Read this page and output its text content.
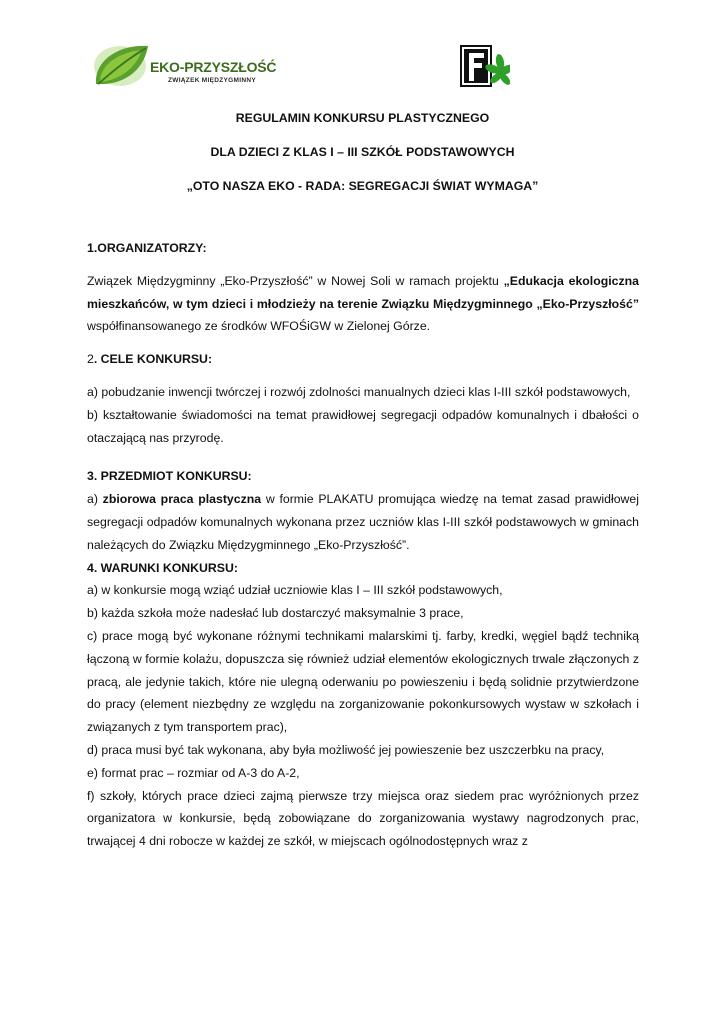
EKO-PRZYSZŁOŚĆ
ZWIĄZEK MIĘDZYGMINNY
REGULAMIN KONKURSU PLASTYCZNEGO
DLA DZIECI Z KLAS I – III SZKÓŁ PODSTAWOWYCH
„OTO NASZA EKO - RADA: SEGREGACJI ŚWIAT WYMAGA”

1.ORGANIZATORZY:

Związek Międzygminny „Eko-Przyszłość” w Nowej Soli w ramach projektu „Edukacja ekologiczna mieszkańców, w tym dzieci i młodzieży na terenie Związku Międzygminnego „Eko-Przyszłość” współfinansowanego ze środków WFOŚiGW w Zielonej Górze.

2. CELE KONKURSU:

a) pobudzanie inwencji twórczej i rozwój zdolności manualnych dzieci klas I-III szkół podstawowych,

b) kształtowanie świadomości na temat prawidłowej segregacji odpadów komunalnych i dbałości o otaczającą nas przyrodę.

3. PRZEDMIOT KONKURSU:

a) zbiorowa praca plastyczna w formie PLAKATU promująca wiedzę na temat zasad prawidłowej segregacji odpadów komunalnych wykonana przez uczniów klas I-III szkół podstawowych w gminach należących do Związku Międzygminnego „Eko-Przyszłość”.

4. WARUNKI KONKURSU:

a) w konkursie mogą wziąć udział uczniowie klas I – III szkół podstawowych,

b) każda szkoła może nadesłać lub dostarczyć maksymalnie 3 prace,

c) prace mogą być wykonane różnymi technikami malarskimi tj. farby, kredki, węgiel bądź techniką łączoną w formie kolażu, dopuszcza się również udział elementów ekologicznych trwale złączonych z pracą, ale jedynie takich, które nie ulegną oderwaniu po powieszeniu i będą solidnie przytwierdzone do pracy (element niezbędny ze względu na zorganizowanie pokonkursowych wystaw w szkołach i związanych z tym transportem prac),

d) praca musi być tak wykonana, aby była możliwość jej powieszenie bez uszczerbku na pracy,

e) format prac – rozmiar od A-3 do A-2,

f) szkoły, których prace dzieci zajmą pierwsze trzy miejsca oraz siedem prac wyróżnionych przez organizatora w konkursie, będą zobowiązane do zorganizowania wystawy nagrodzonych prac, trwającej 4 dni robocze w każdej ze szkół, w miejscach ogólnodostępnych wraz z
